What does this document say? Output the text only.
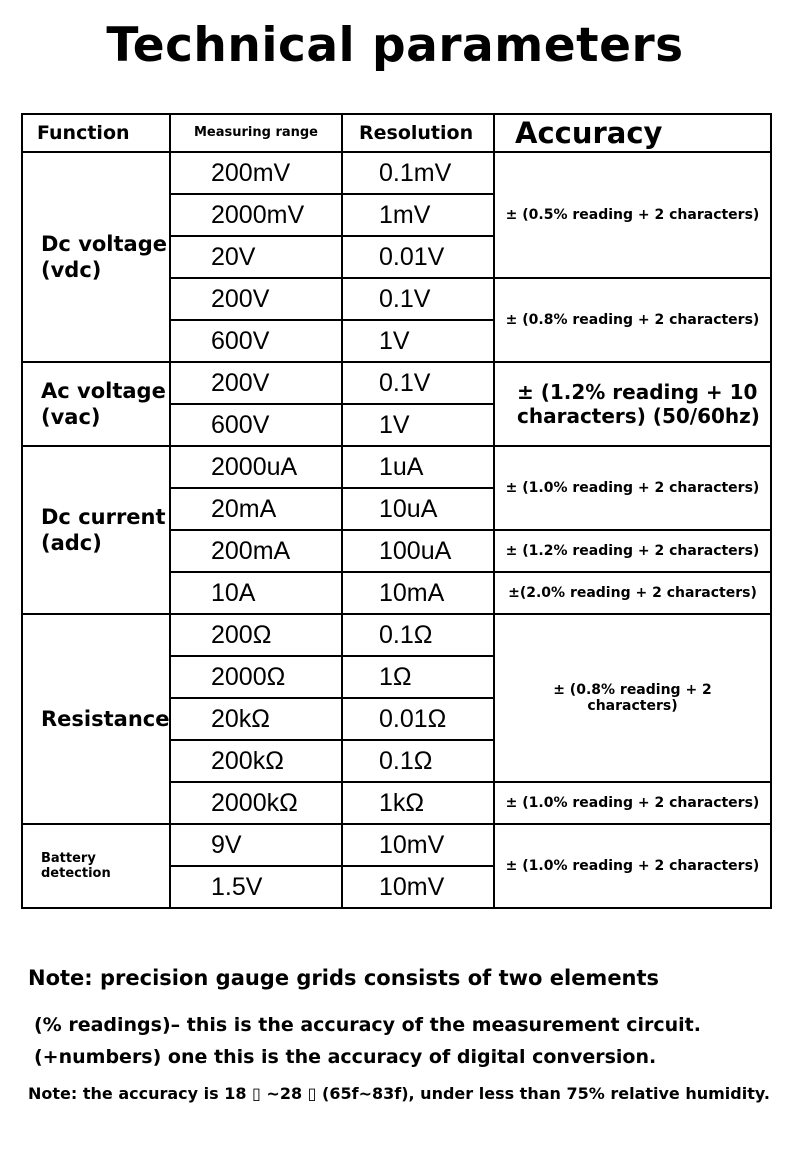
Technical parameters
Function	Measuring range	Resolution	Accuracy
Dc voltage (vdc)	200mV	0.1mV	± (0.5% reading + 2 characters)
	2000mV	1mV	
	20V	0.01V	
	200V	0.1V	± (0.8% reading + 2 characters)
	600V	1V	
Ac voltage (vac)	200V	0.1V	± (1.2% reading + 10 characters) (50/60hz)
	600V	1V	
Dc current (adc)	2000uA	1uA	± (1.0% reading + 2 characters)
	20mA	10uA	
	200mA	100uA	± (1.2% reading + 2 characters)
	10A	10mA	±(2.0% reading + 2 characters)
Resistance	200Ω	0.1Ω	± (0.8% reading + 2 characters)
	2000Ω	1Ω	
	20kΩ	0.01Ω	
	200kΩ	0.1Ω	
	2000kΩ	1kΩ	± (1.0% reading + 2 characters)
Battery detection	9V	10mV	± (1.0% reading + 2 characters)
	1.5V	10mV	
Note: precision gauge grids consists of two elements
(% readings)– this is the accuracy of the measurement circuit.
(+numbers) one this is the accuracy of digital conversion.
Note: the accuracy is 18 ▯ ~28 ▯ (65f~83f), under less than 75% relative humidity.
